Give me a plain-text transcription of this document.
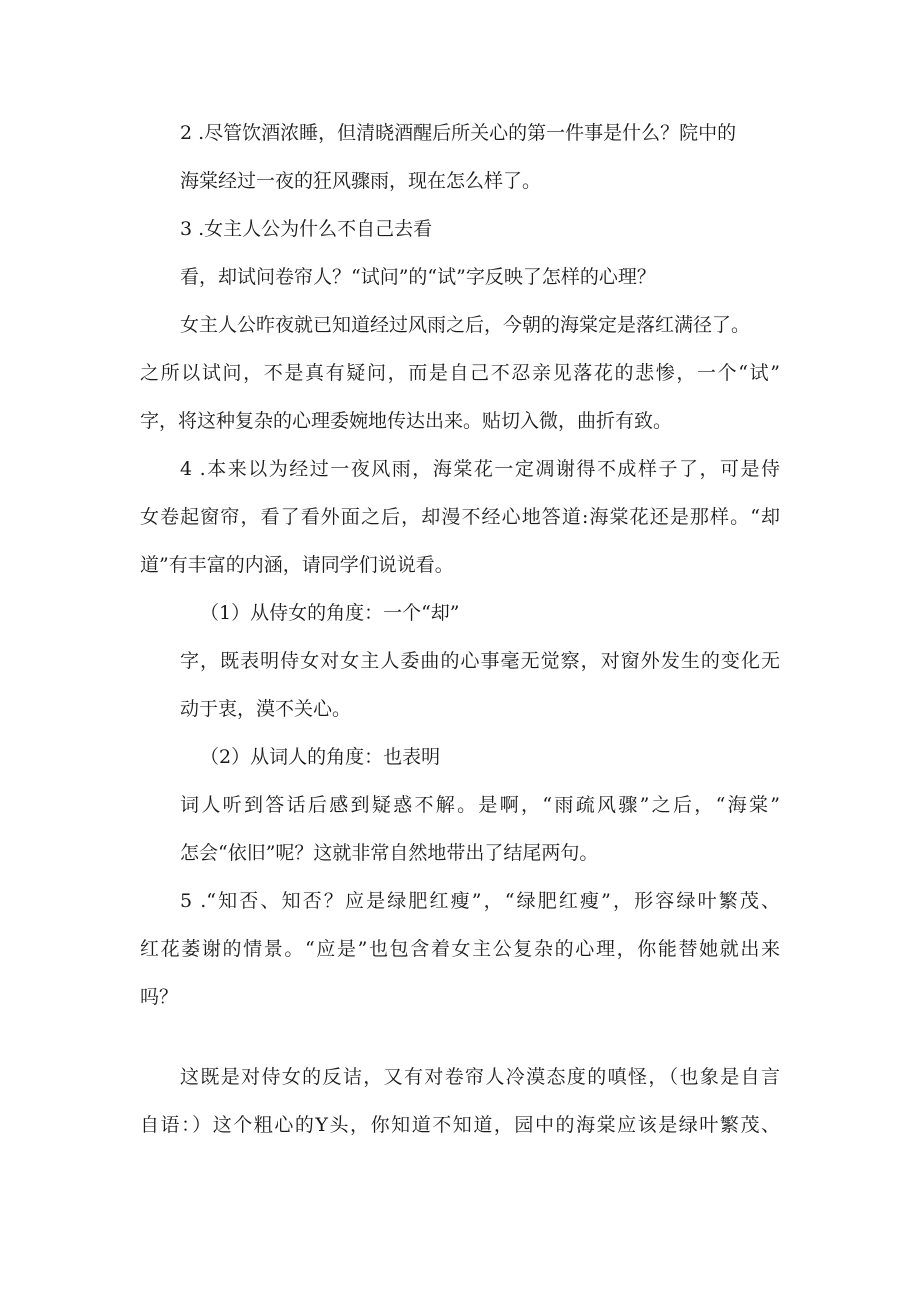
2 .尽管饮酒浓睡，但清晓酒醒后所关心的第一件事是什么？院中的
海棠经过一夜的狂风骤雨，现在怎么样了。
3 .女主人公为什么不自己去看
看，却试问卷帘人？“试问”的“试”字反映了怎样的心理？
女主人公昨夜就已知道经过风雨之后，今朝的海棠定是落红满径了。
之所以试问，不是真有疑问，而是自己不忍亲见落花的悲惨，一个“试”
字，将这种复杂的心理委婉地传达出来。贴切入微，曲折有致。
4 .本来以为经过一夜风雨，海棠花一定凋谢得不成样子了，可是侍
女卷起窗帘，看了看外面之后，却漫不经心地答道:海棠花还是那样。“却
道”有丰富的内涵，请同学们说说看。
（1）从侍女的角度：一个“却”
字，既表明侍女对女主人委曲的心事毫无觉察，对窗外发生的变化无
动于衷，漠不关心。
（2）从词人的角度：也表明
词人听到答话后感到疑惑不解。是啊，“雨疏风骤”之后，“海棠”
怎会“依旧”呢？这就非常自然地带出了结尾两句。
5 .“知否、知否？应是绿肥红瘦”，“绿肥红瘦”，形容绿叶繁茂、
红花萎谢的情景。“应是”也包含着女主公复杂的心理，你能替她就出来
吗？
这既是对侍女的反诘，又有对卷帘人冷漠态度的嗔怪，（也象是自言
自语：）这个粗心的Y头，你知道不知道，园中的海棠应该是绿叶繁茂、
